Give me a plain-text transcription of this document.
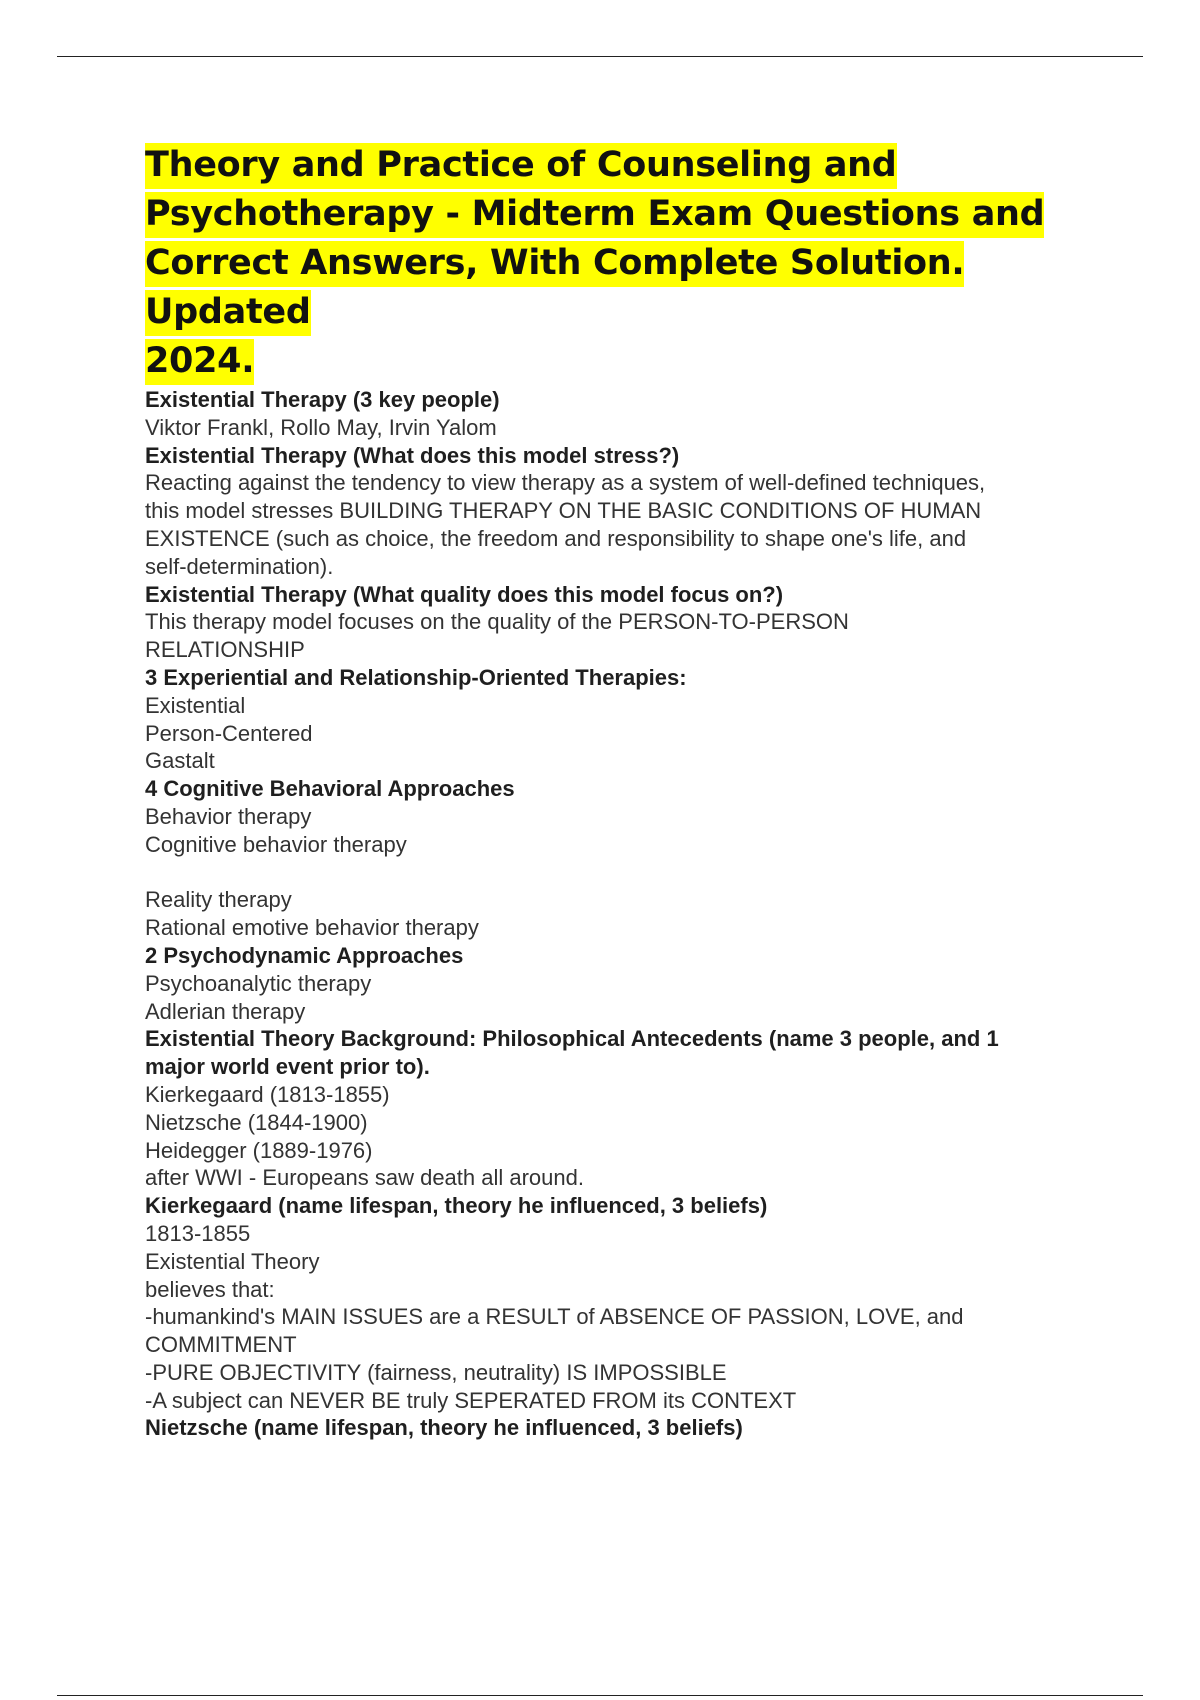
Theory and Practice of Counseling and
Psychotherapy - Midterm Exam Questions and
Correct Answers, With Complete Solution. Updated
2024.
Existential Therapy (3 key people)
Viktor Frankl, Rollo May, Irvin Yalom
Existential Therapy (What does this model stress?)
Reacting against the tendency to view therapy as a system of well-defined techniques,
this model stresses BUILDING THERAPY ON THE BASIC CONDITIONS OF HUMAN
EXISTENCE (such as choice, the freedom and responsibility to shape one's life, and
self-determination).
Existential Therapy (What quality does this model focus on?)
This therapy model focuses on the quality of the PERSON-TO-PERSON
RELATIONSHIP
3 Experiential and Relationship-Oriented Therapies:
Existential
Person-Centered
Gastalt
4 Cognitive Behavioral Approaches
Behavior therapy
Cognitive behavior therapy
Reality therapy
Rational emotive behavior therapy
2 Psychodynamic Approaches
Psychoanalytic therapy
Adlerian therapy
Existential Theory Background: Philosophical Antecedents (name 3 people, and 1
major world event prior to).
Kierkegaard (1813-1855)
Nietzsche (1844-1900)
Heidegger (1889-1976)
after WWI - Europeans saw death all around.
Kierkegaard (name lifespan, theory he influenced, 3 beliefs)
1813-1855
Existential Theory
believes that:
-humankind's MAIN ISSUES are a RESULT of ABSENCE OF PASSION, LOVE, and
COMMITMENT
-PURE OBJECTIVITY (fairness, neutrality) IS IMPOSSIBLE
-A subject can NEVER BE truly SEPERATED FROM its CONTEXT
Nietzsche (name lifespan, theory he influenced, 3 beliefs)
